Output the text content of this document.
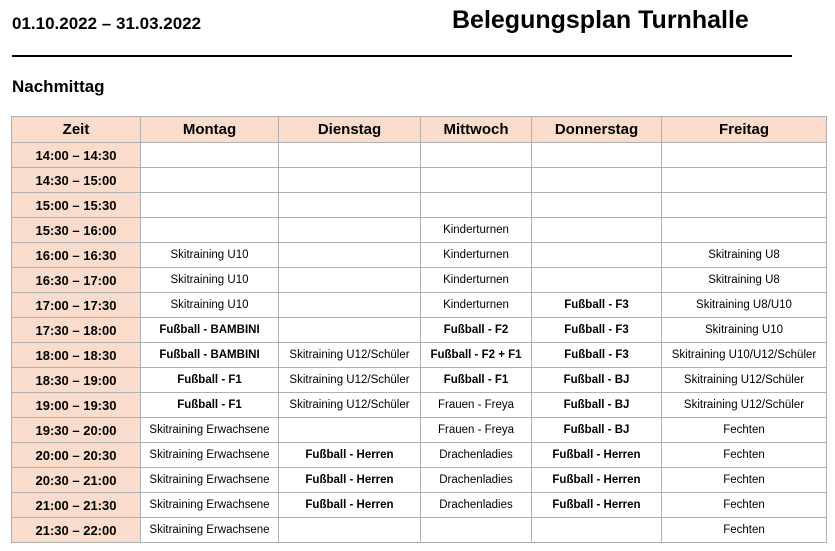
01.10.2022 – 31.03.2022	Belegungsplan Turnhalle
Nachmittag
Zeit	Montag	Dienstag	Mittwoch	Donnerstag	Freitag
14:00 – 14:30					
14:30 – 15:00					
15:00 – 15:30					
15:30 – 16:00			Kinderturnen		
16:00 – 16:30	Skitraining U10		Kinderturnen		Skitraining U8
16:30 – 17:00	Skitraining U10		Kinderturnen		Skitraining U8
17:00 – 17:30	Skitraining U10		Kinderturnen	Fußball - F3	Skitraining U8/U10
17:30 – 18:00	Fußball - BAMBINI		Fußball - F2	Fußball - F3	Skitraining U10
18:00 – 18:30	Fußball - BAMBINI	Skitraining U12/Schüler	Fußball - F2 + F1	Fußball - F3	Skitraining U10/U12/Schüler
18:30 – 19:00	Fußball - F1	Skitraining U12/Schüler	Fußball - F1	Fußball - BJ	Skitraining U12/Schüler
19:00 – 19:30	Fußball - F1	Skitraining U12/Schüler	Frauen - Freya	Fußball - BJ	Skitraining U12/Schüler
19:30 – 20:00	Skitraining Erwachsene		Frauen - Freya	Fußball - BJ	Fechten
20:00 – 20:30	Skitraining Erwachsene	Fußball - Herren	Drachenladies	Fußball - Herren	Fechten
20:30 – 21:00	Skitraining Erwachsene	Fußball - Herren	Drachenladies	Fußball - Herren	Fechten
21:00 – 21:30	Skitraining Erwachsene	Fußball - Herren	Drachenladies	Fußball - Herren	Fechten
21:30 – 22:00	Skitraining Erwachsene				Fechten
